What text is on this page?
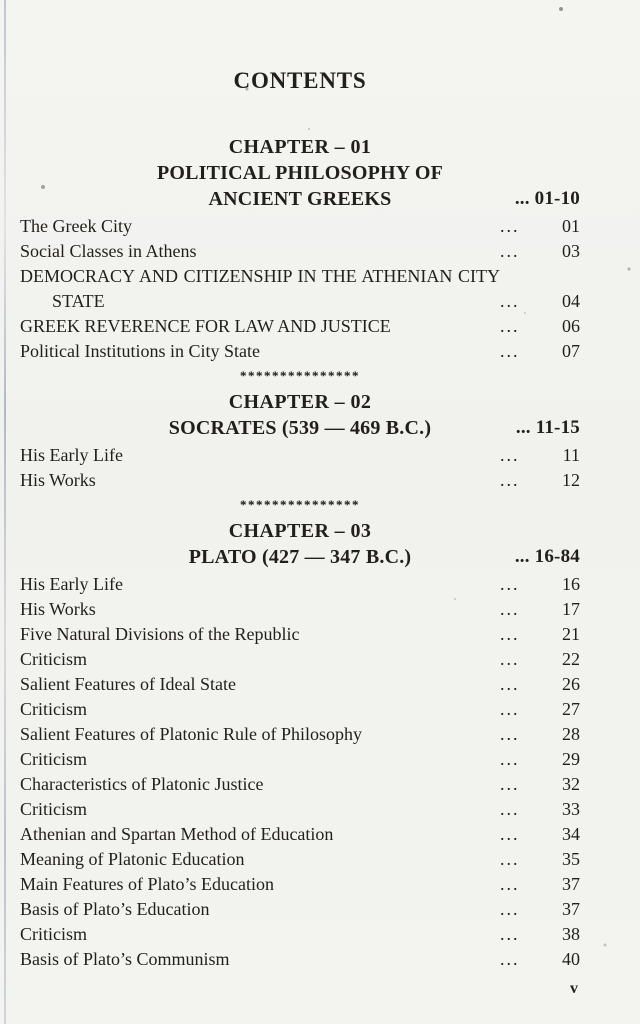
CONTENTS
CHAPTER – 01
POLITICAL PHILOSOPHY OF
ANCIENT GREEKS	... 01-10
The Greek City	...	01
Social Classes in Athens	...	03
DEMOCRACY AND CITIZENSHIP IN THE ATHENIAN CITY STATE	...	04
GREEK REVERENCE FOR LAW AND JUSTICE	...	06
Political Institutions in City State	...	07
***************
CHAPTER – 02
SOCRATES (539 — 469 B.C.)	... 11-15
His Early Life	...	11
His Works	...	12
***************
CHAPTER – 03
PLATO (427 — 347 B.C.)	... 16-84
His Early Life	...	16
His Works	...	17
Five Natural Divisions of the Republic	...	21
Criticism	...	22
Salient Features of Ideal State	...	26
Criticism	...	27
Salient Features of Platonic Rule of Philosophy	...	28
Criticism	...	29
Characteristics of Platonic Justice	...	32
Criticism	...	33
Athenian and Spartan Method of Education	...	34
Meaning of Platonic Education	...	35
Main Features of Plato’s Education	...	37
Basis of Plato’s Education	...	37
Criticism	...	38
Basis of Plato’s Communism	...	40
v
